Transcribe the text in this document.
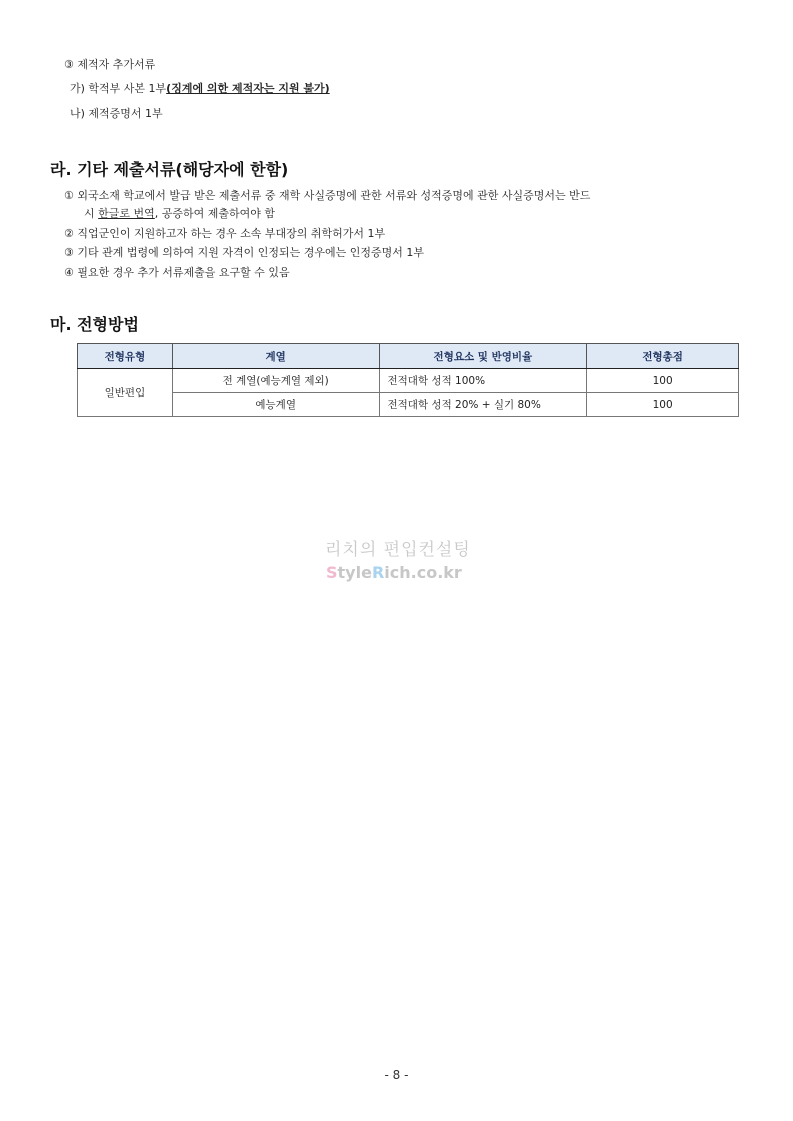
③ 제적자 추가서류
가) 학적부 사본 1부(징계에 의한 제적자는 지원 불가)
나) 제적증명서 1부
라. 기타 제출서류(해당자에 한함)
① 외국소재 학교에서 발급 받은 제출서류 중 재학 사실증명에 관한 서류와 성적증명에 관한 사실증명서는 반드
시 한글로 번역, 공증하여 제출하여야 함
② 직업군인이 지원하고자 하는 경우 소속 부대장의 취학허가서 1부
③ 기타 관계 법령에 의하여 지원 자격이 인정되는 경우에는 인정증명서 1부
④ 필요한 경우 추가 서류제출을 요구할 수 있음
마. 전형방법
전형유형	계열	전형요소 및 반영비율	전형총점
일반편입	전 계열(예능계열 제외)	전적대학 성적 100%	100
	예능계열	전적대학 성적 20% + 실기 80%	100
리치의 편입컨설팅
StyleRich.co.kr
- 8 -
